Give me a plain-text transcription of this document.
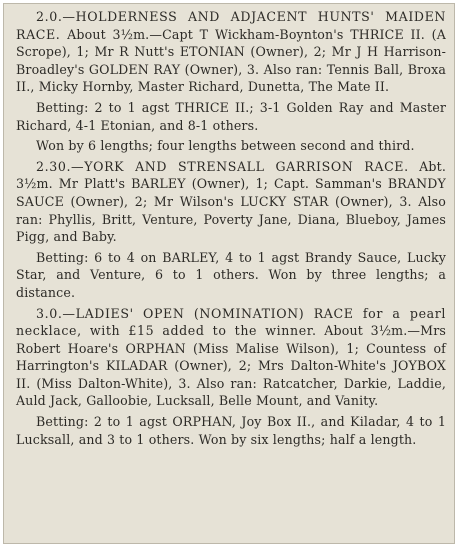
2.0.—HOLDERNESS AND ADJACENT HUNTS' MAIDEN RACE. About 3½m.—Capt T Wickham-Boynton's THRICE II. (A Scrope), 1; Mr R Nutt's ETONIAN (Owner), 2; Mr J H Harrison-Broadley's GOLDEN RAY (Owner), 3. Also ran: Tennis Ball, Broxa II., Micky Hornby, Master Richard, Dunetta, The Mate II.

Betting: 2 to 1 agst THRICE II.; 3-1 Golden Ray and Master Richard, 4-1 Etonian, and 8-1 others.

Won by 6 lengths; four lengths between second and third.

2.30.—YORK AND STRENSALL GARRISON RACE. Abt. 3½m. Mr Platt's BARLEY (Owner), 1; Capt. Samman's BRANDY SAUCE (Owner), 2; Mr Wilson's LUCKY STAR (Owner), 3. Also ran: Phyllis, Britt, Venture, Poverty Jane, Diana, Blueboy, James Pigg, and Baby.

Betting: 6 to 4 on BARLEY, 4 to 1 agst Brandy Sauce, Lucky Star, and Venture, 6 to 1 others. Won by three lengths; a distance.

3.0.—LADIES' OPEN (NOMINATION) RACE for a pearl necklace, with £15 added to the winner. About 3½m.—Mrs Robert Hoare's ORPHAN (Miss Malise Wilson), 1; Countess of Harrington's KILADAR (Owner), 2; Mrs Dalton-White's JOYBOX II. (Miss Dalton-White), 3. Also ran: Ratcatcher, Darkie, Laddie, Auld Jack, Galloobie, Lucksall, Belle Mount, and Vanity.

Betting: 2 to 1 agst ORPHAN, Joy Box II., and Kiladar, 4 to 1 Lucksall, and 3 to 1 others. Won by six lengths; half a length.
